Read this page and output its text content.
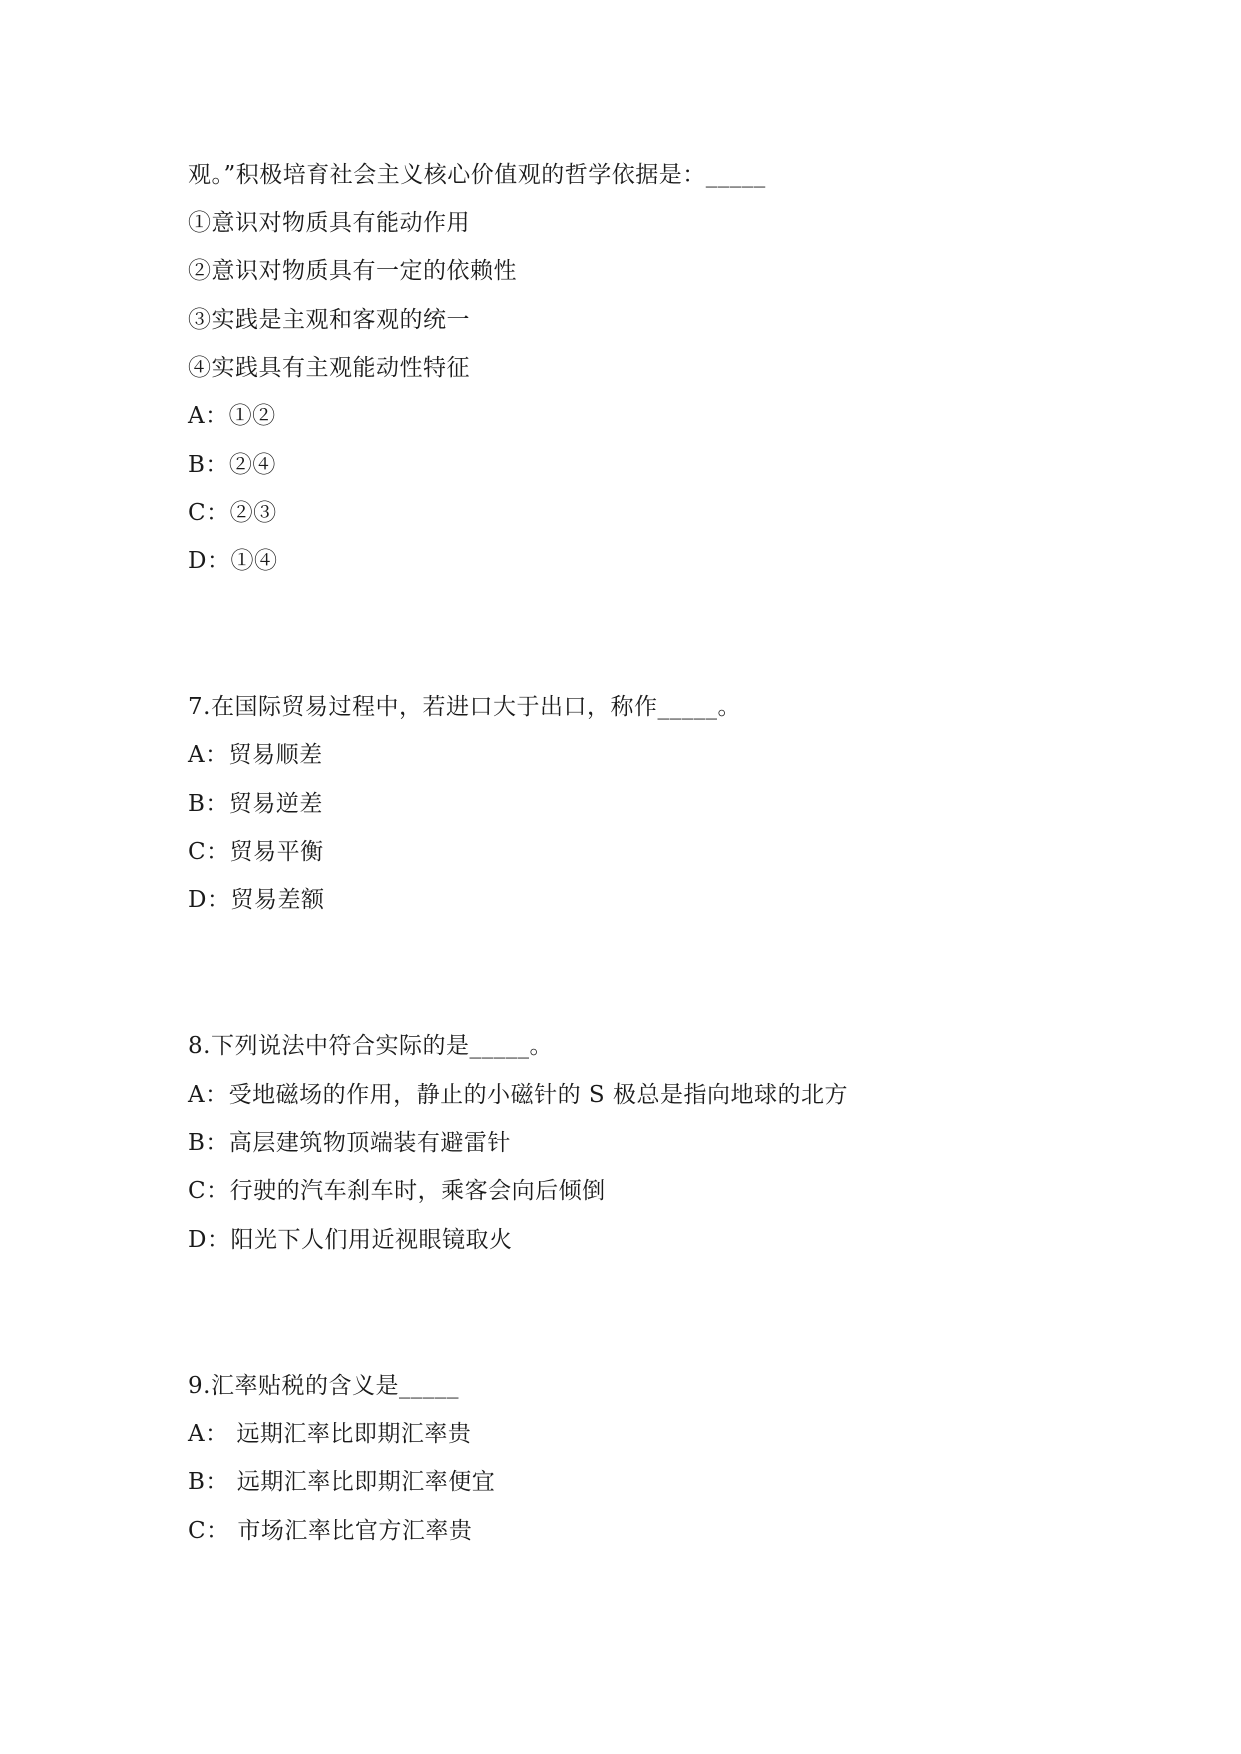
观。”积极培育社会主义核心价值观的哲学依据是：_____
①意识对物质具有能动作用
②意识对物质具有一定的依赖性
③实践是主观和客观的统一
④实践具有主观能动性特征
A：①②
B：②④
C：②③
D：①④
7.在国际贸易过程中，若进口大于出口，称作_____。
A：贸易顺差
B：贸易逆差
C：贸易平衡
D：贸易差额
8.下列说法中符合实际的是_____。
A：受地磁场的作用，静止的小磁针的 S 极总是指向地球的北方
B：高层建筑物顶端装有避雷针
C：行驶的汽车刹车时，乘客会向后倾倒
D：阳光下人们用近视眼镜取火
9.汇率贴税的含义是_____
A： 远期汇率比即期汇率贵
B： 远期汇率比即期汇率便宜
C： 市场汇率比官方汇率贵
